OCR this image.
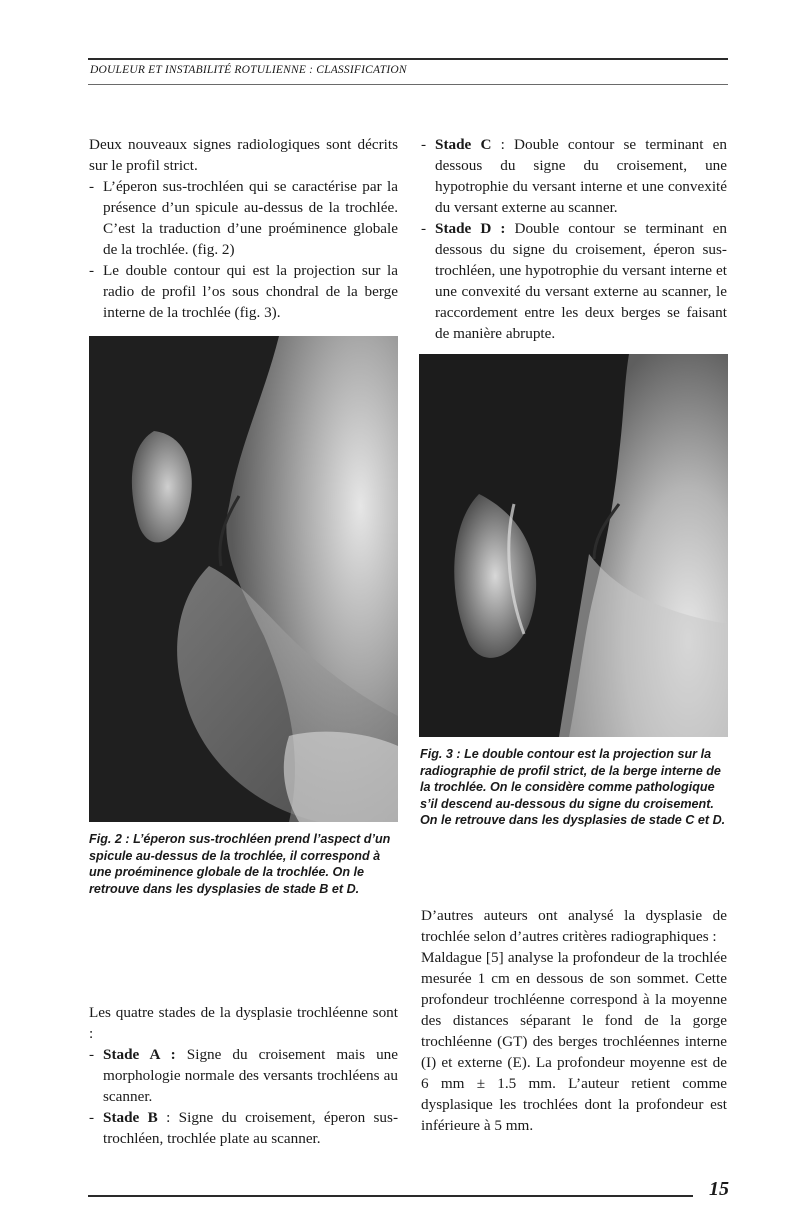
DOULEUR ET INSTABILITÉ ROTULIENNE : CLASSIFICATION

Deux nouveaux signes radiologiques sont décrits sur le profil strict.

- L’éperon sus-trochléen qui se caractérise par la présence d’un spicule au-dessus de la trochlée. C’est la traduction d’une proéminence globale de la trochlée. (fig. 2)
- Le double contour qui est la projection sur la radio de profil l’os sous chondral de la berge interne de la trochlée (fig. 3).
Fig. 2 : L’éperon sus-trochléen prend l’aspect d’un spicule au-dessus de la trochlée, il correspond à une proéminence globale de la trochlée. On le retrouve dans les dysplasies de stade B et D.

Les quatre stades de la dysplasie trochléenne sont :

- Stade A : Signe du croisement mais une morphologie normale des versants trochléens au scanner.
- Stade B : Signe du croisement, éperon sus-trochléen, trochlée plate au scanner.
- Stade C : Double contour se terminant en dessous du signe du croisement, une hypotrophie du versant interne et une convexité du versant externe au scanner.
- Stade D : Double contour se terminant en dessous du signe du croisement, éperon sus-trochléen, une hypotrophie du versant interne et une convexité du versant externe au scanner, le raccordement entre les deux berges se faisant de manière abrupte.
Fig. 3 : Le double contour est la projection sur la radiographie de profil strict, de la berge interne de la trochlée. On le considère comme pathologique s’il descend au-dessous du signe du croisement. On le retrouve dans les dysplasies de stade C et D.

D’autres auteurs ont analysé la dysplasie de trochlée selon d’autres critères radiographiques :

Maldague [5] analyse la profondeur de la trochlée mesurée 1 cm en dessous de son sommet. Cette profondeur trochléenne correspond à la moyenne des distances séparant le fond de la gorge trochléenne (GT) des berges trochléennes interne (I) et externe (E). La profondeur moyenne est de 6 mm ± 1.5 mm. L’auteur retient comme dysplasique les trochlées dont la profondeur est inférieure à 5 mm.

15
